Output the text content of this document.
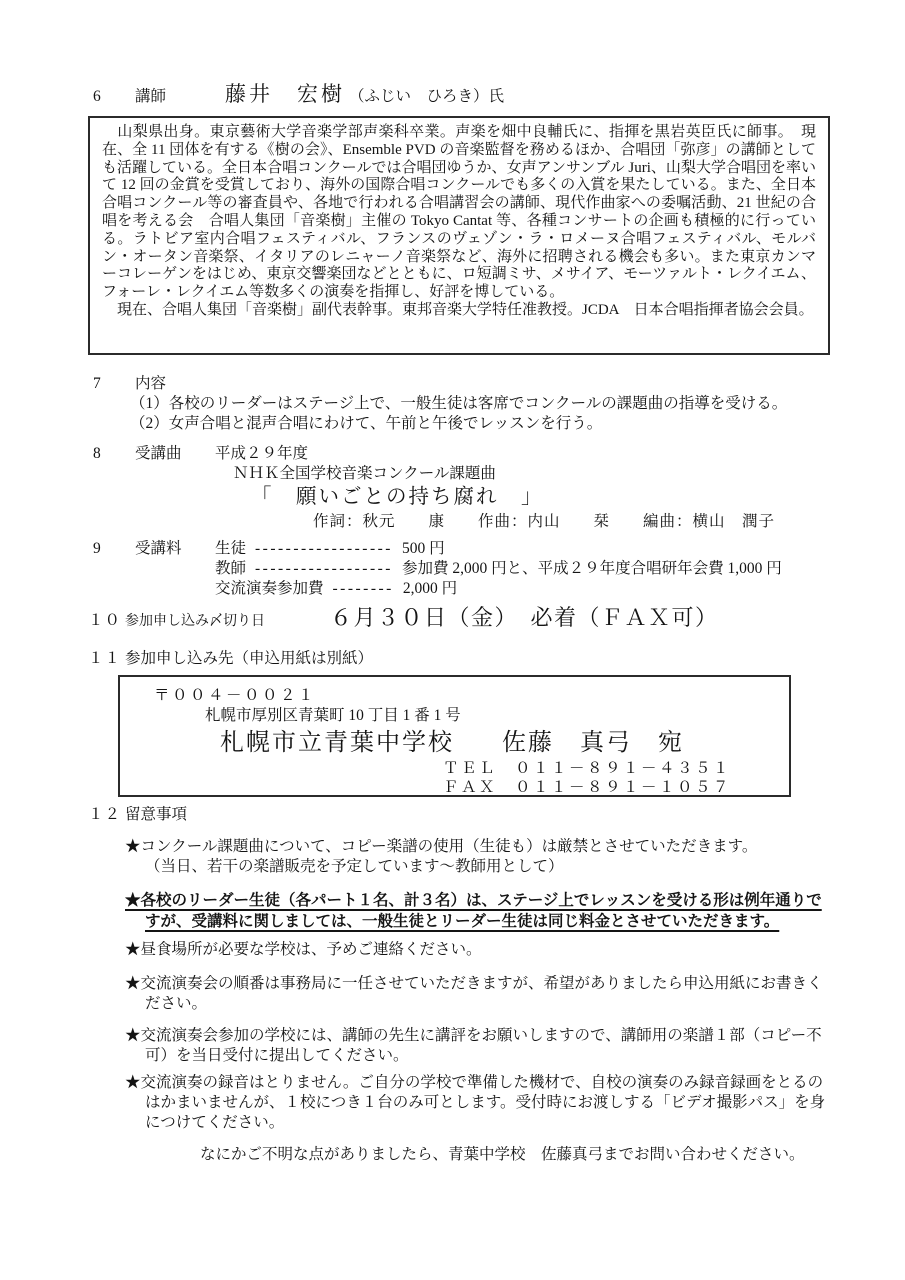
6	講師	藤井　宏樹 （ふじい　ひろき）氏

　山梨県出身。東京藝術大学音楽学部声楽科卒業。声楽を畑中良輔氏に、指揮を黒岩英臣氏に師事。　現在、全 11 団体を有する《樹の会》、Ensemble PVD の音楽監督を務めるほか、合唱団「弥彦」の講師としても活躍している。全日本合唱コンクールでは合唱団ゆうか、女声アンサンブル Juri、山梨大学合唱団を率いて 12 回の金賞を受賞しており、海外の国際合唱コンクールでも多くの入賞を果たしている。また、全日本合唱コンクール等の審査員や、各地で行われる合唱講習会の講師、現代作曲家への委嘱活動、21 世紀の合唱を考える会　合唱人集団「音楽樹」主催の Tokyo Cantat 等、各種コンサートの企画も積極的に行っている。ラトビア室内合唱フェスティバル、フランスのヴェゾン・ラ・ロメーヌ合唱フェスティバル、モルバン・オータン音楽祭、イタリアのレニャーノ音楽祭など、海外に招聘される機会も多い。また東京カンマーコレーゲンをはじめ、東京交響楽団などとともに、ロ短調ミサ、メサイア、モーツァルト・レクイエム、フォーレ・レクイエム等数多くの演奏を指揮し、好評を博している。

　現在、合唱人集団「音楽樹」副代表幹事。東邦音楽大学特任准教授。JCDA　日本合唱指揮者協会会員。

7	内容
（1）各校のリーダーはステージ上で、一般生徒は客席でコンクールの課題曲の指導を受ける。
（2）女声合唱と混声合唱にわけて、午前と午後でレッスンを行う。
8	受講曲	平成２９年度
ＮＨＫ全国学校音楽コンクール課題曲
「　願いごとの持ち腐れ　」
作詞：秋元　　康　　作曲：内山　　栞　　編曲：横山　潤子
9	受講料	生徒 ------------------ 500 円
教師 ------------------ 参加費 2,000 円と、平成２９年度合唱研年会費 1,000 円
交流演奏参加費 -------- 2,000 円
１０ 参加申し込み〆切り日	６月３０日（金）　必着（ＦＡＸ可）
１１ 参加申し込み先（申込用紙は別紙）
〒００４－００２１
札幌市厚別区青葉町 10 丁目 1 番 1 号
札幌市立青葉中学校 佐藤　真弓　宛
ＴＥＬ　０１１－８９１－４３５１
ＦＡＸ　０１１－８９１－１０５７
１２ 留意事項
★コンクール課題曲について、コピー楽譜の使用（生徒も）は厳禁とさせていただきます。
（当日、若干の楽譜販売を予定しています～教師用として）
★各校のリーダー生徒（各パート１名、計３名）は、ステージ上でレッスンを受ける形は例年通りですが、受講料に関しましては、一般生徒とリーダー生徒は同じ料金とさせていただきます。
★昼食場所が必要な学校は、予めご連絡ください。
★交流演奏会の順番は事務局に一任させていただきますが、希望がありましたら申込用紙にお書きください。
★交流演奏会参加の学校には、講師の先生に講評をお願いしますので、講師用の楽譜１部（コピー不可）を当日受付に提出してください。
★交流演奏の録音はとりません。ご自分の学校で準備した機材で、自校の演奏のみ録音録画をとるのはかまいませんが、１校につき１台のみ可とします。受付時にお渡しする「ビデオ撮影パス」を身につけてください。
なにかご不明な点がありましたら、青葉中学校　佐藤真弓までお問い合わせください。
